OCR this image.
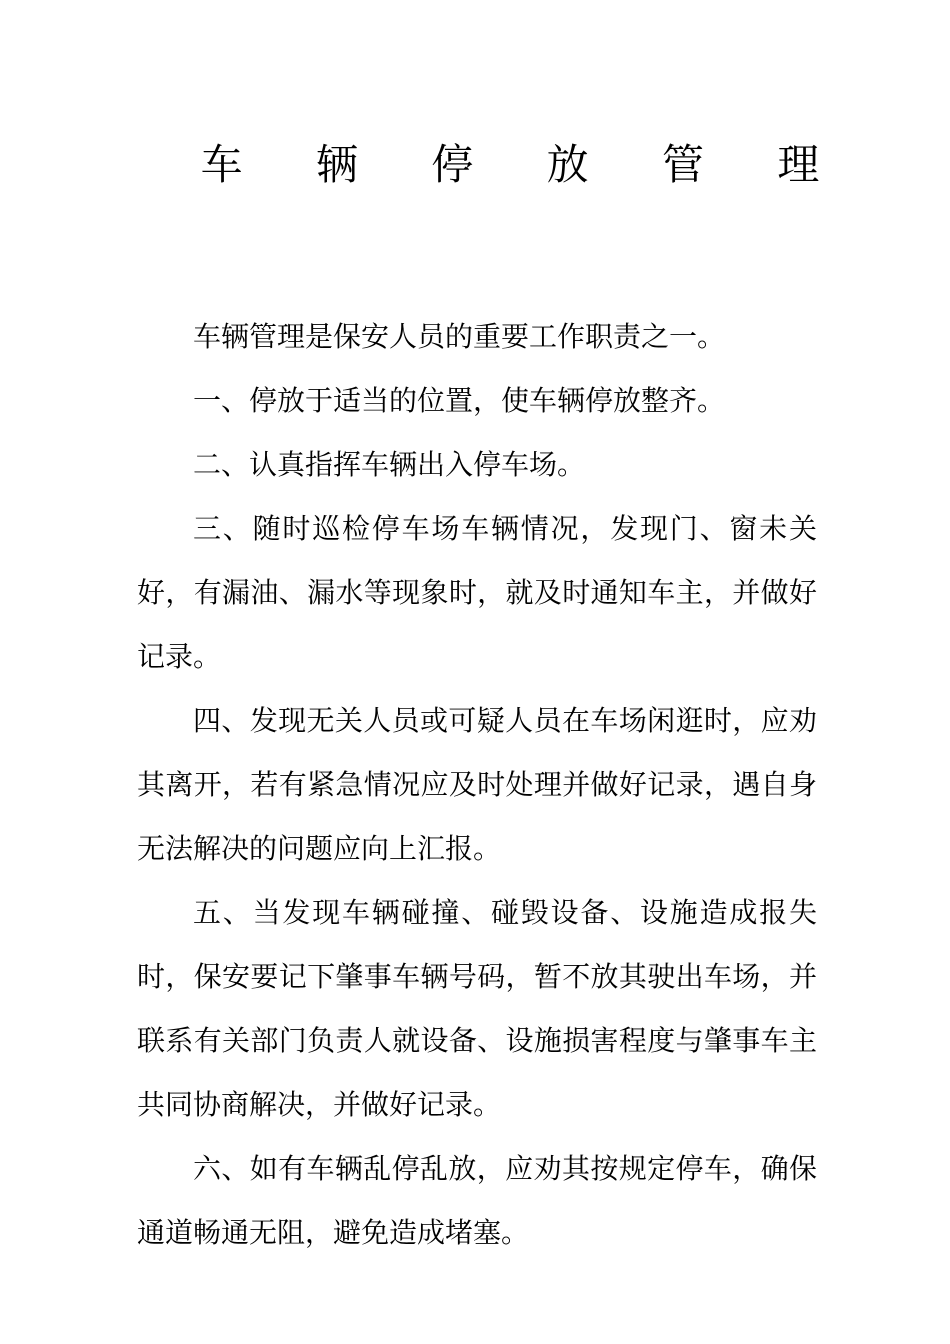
车 辆 停 放 管 理

车辆管理是保安人员的重要工作职责之一。

一、停放于适当的位置，使车辆停放整齐。

二、认真指挥车辆出入停车场。

三、随时巡检停车场车辆情况，发现门、窗未关好，有漏油、漏水等现象时，就及时通知车主，并做好记录。

四、发现无关人员或可疑人员在车场闲逛时，应劝其离开，若有紧急情况应及时处理并做好记录，遇自身无法解决的问题应向上汇报。

五、当发现车辆碰撞、碰毁设备、设施造成报失时，保安要记下肇事车辆号码，暂不放其驶出车场，并联系有关部门负责人就设备、设施损害程度与肇事车主共同协商解决，并做好记录。

六、如有车辆乱停乱放，应劝其按规定停车，确保通道畅通无阻，避免造成堵塞。
